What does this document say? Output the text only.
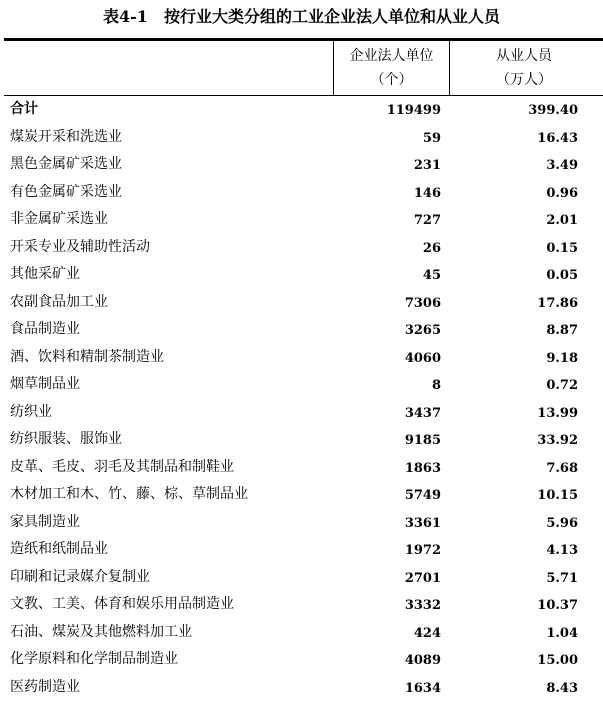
表4-1 按行业大类分组的工业企业法人单位和从业人员
企业法人单位
（个）
从业人员
（万人）
合计	119499	399.40
煤炭开采和洗选业	59	16.43
黑色金属矿采选业	231	3.49
有色金属矿采选业	146	0.96
非金属矿采选业	727	2.01
开采专业及辅助性活动	26	0.15
其他采矿业	45	0.05
农副食品加工业	7306	17.86
食品制造业	3265	8.87
酒、饮料和精制茶制造业	4060	9.18
烟草制品业	8	0.72
纺织业	3437	13.99
纺织服装、服饰业	9185	33.92
皮革、毛皮、羽毛及其制品和制鞋业	1863	7.68
木材加工和木、竹、藤、棕、草制品业	5749	10.15
家具制造业	3361	5.96
造纸和纸制品业	1972	4.13
印刷和记录媒介复制业	2701	5.71
文教、工美、体育和娱乐用品制造业	3332	10.37
石油、煤炭及其他燃料加工业	424	1.04
化学原料和化学制品制造业	4089	15.00
医药制造业	1634	8.43
